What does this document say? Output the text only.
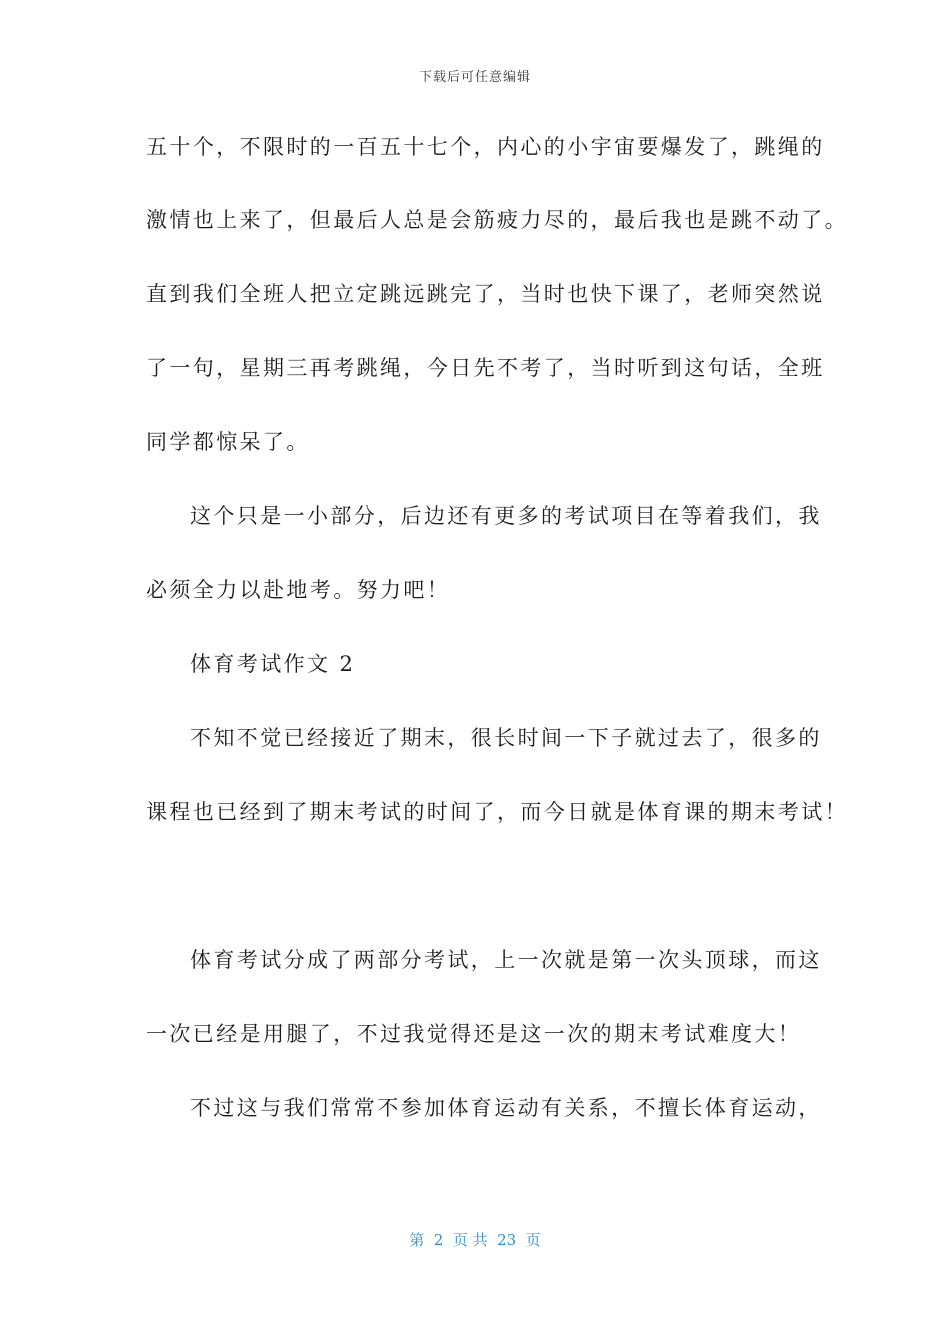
下载后可任意编辑
五十个，不限时的一百五十七个，内心的小宇宙要爆发了，跳绳的
激情也上来了，但最后人总是会筋疲力尽的，最后我也是跳不动了。
直到我们全班人把立定跳远跳完了，当时也快下课了，老师突然说
了一句，星期三再考跳绳，今日先不考了，当时听到这句话，全班
同学都惊呆了。
这个只是一小部分，后边还有更多的考试项目在等着我们，我
必须全力以赴地考。努力吧！
体育考试作文 2
不知不觉已经接近了期末，很长时间一下子就过去了，很多的
课程也已经到了期末考试的时间了，而今日就是体育课的期末考试！
体育考试分成了两部分考试，上一次就是第一次头顶球，而这
一次已经是用腿了，不过我觉得还是这一次的期末考试难度大！
不过这与我们常常不参加体育运动有关系，不擅长体育运动，
第  2  页 共  23  页
